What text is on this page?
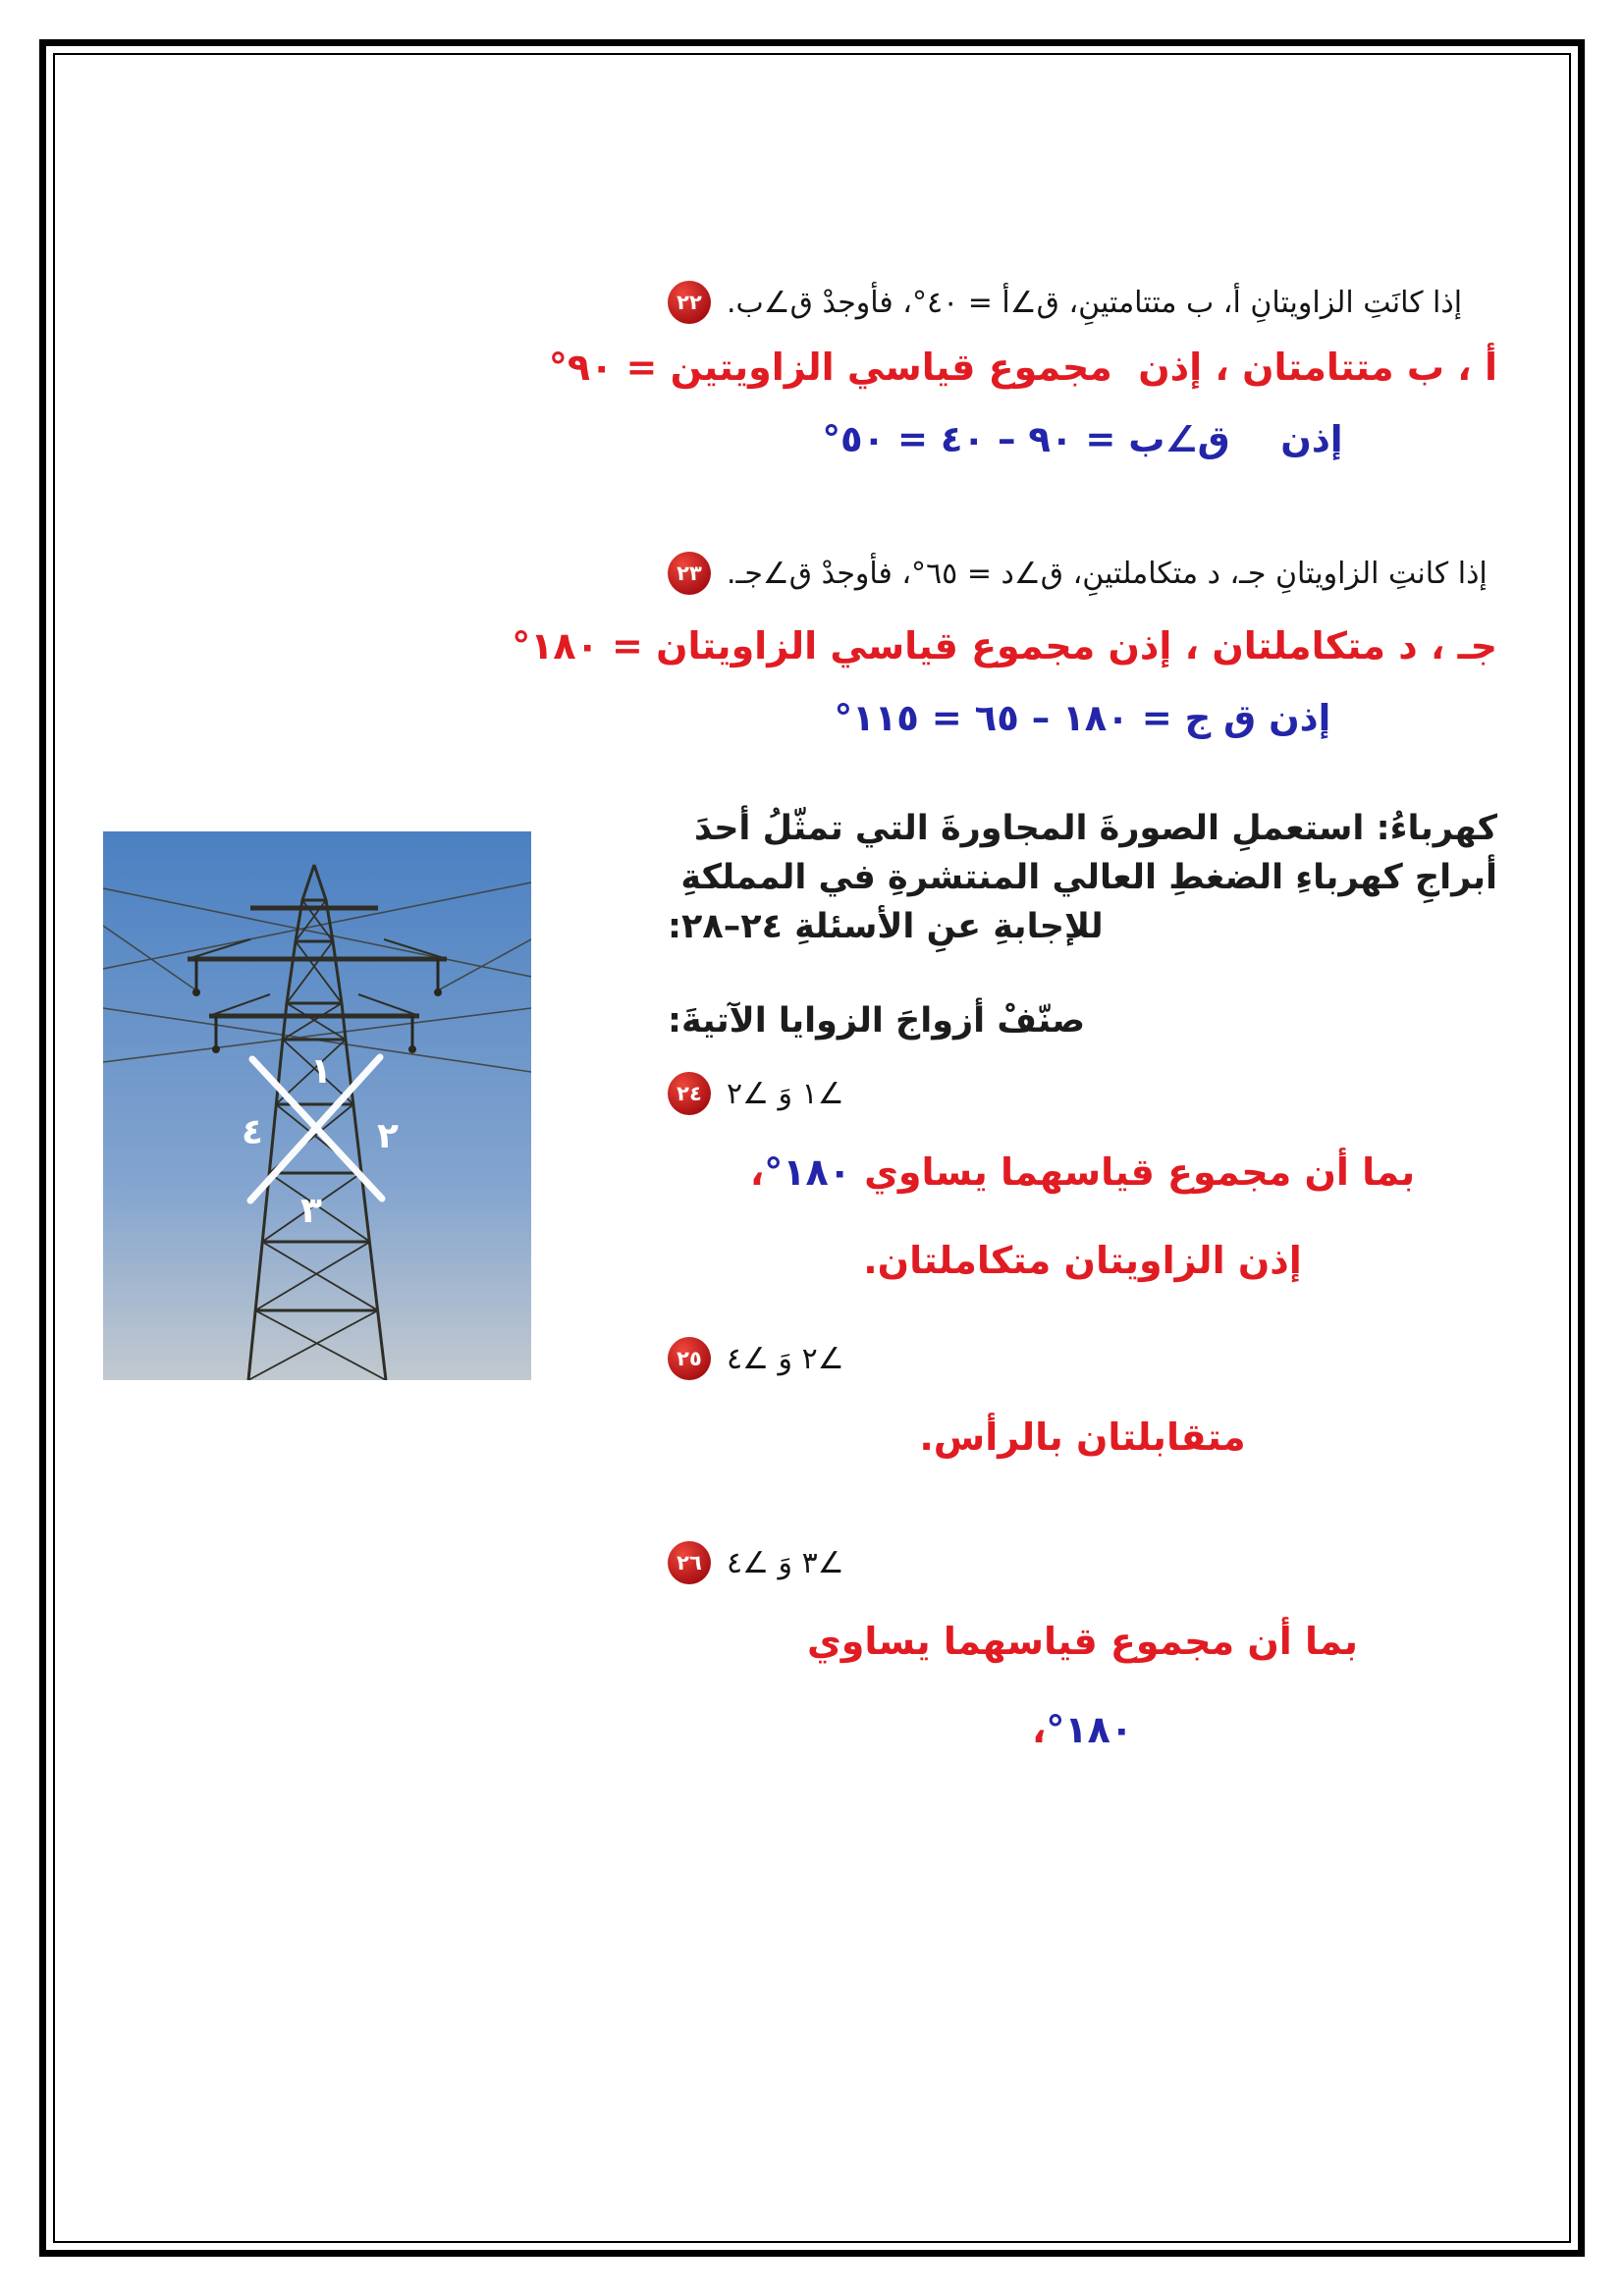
٢٢ إذا كانَتِ الزاويتانِ أ، ب متتامتينِ، ق∠أ = ٤٠°، فأوجدْ ق∠ب.
أ ، ب متتامتان ، إذن  مجموع قياسي الزاويتين = ٩٠°
إذن    ق∠ب = ٩٠ – ٤٠ = ٥٠°
٢٣ إذا كانتِ الزاويتانِ جـ، د متكاملتينِ، ق∠د = ٦٥°، فأوجدْ ق∠جـ.
جـ ، د متكاملتان ، إذن مجموع قياسي الزاويتان = ١٨٠°
إذن ق ج = ١٨٠ – ٦٥ = ١١٥°
كهرباءُ: استعملِ الصورةَ المجاورةَ التي تمثّلُ أحدَ
أبراجِ كهرباءِ الضغطِ العالي المنتشرةِ في المملكةِ
للإجابةِ عنِ الأسئلةِ ٢٤–٢٨:
صنّفْ أزواجَ الزوايا الآتيةَ:
١
٢
٣
٤
٢٤ ∠١ وَ ∠٢
بما أن مجموع قياسهما يساوي ١٨٠°،
إذن الزاويتان متكاملتان.
٢٥ ∠٢ وَ ∠٤
متقابلتان بالرأس.
٢٦ ∠٣ وَ ∠٤
بما أن مجموع قياسهما يساوي
١٨٠°،
